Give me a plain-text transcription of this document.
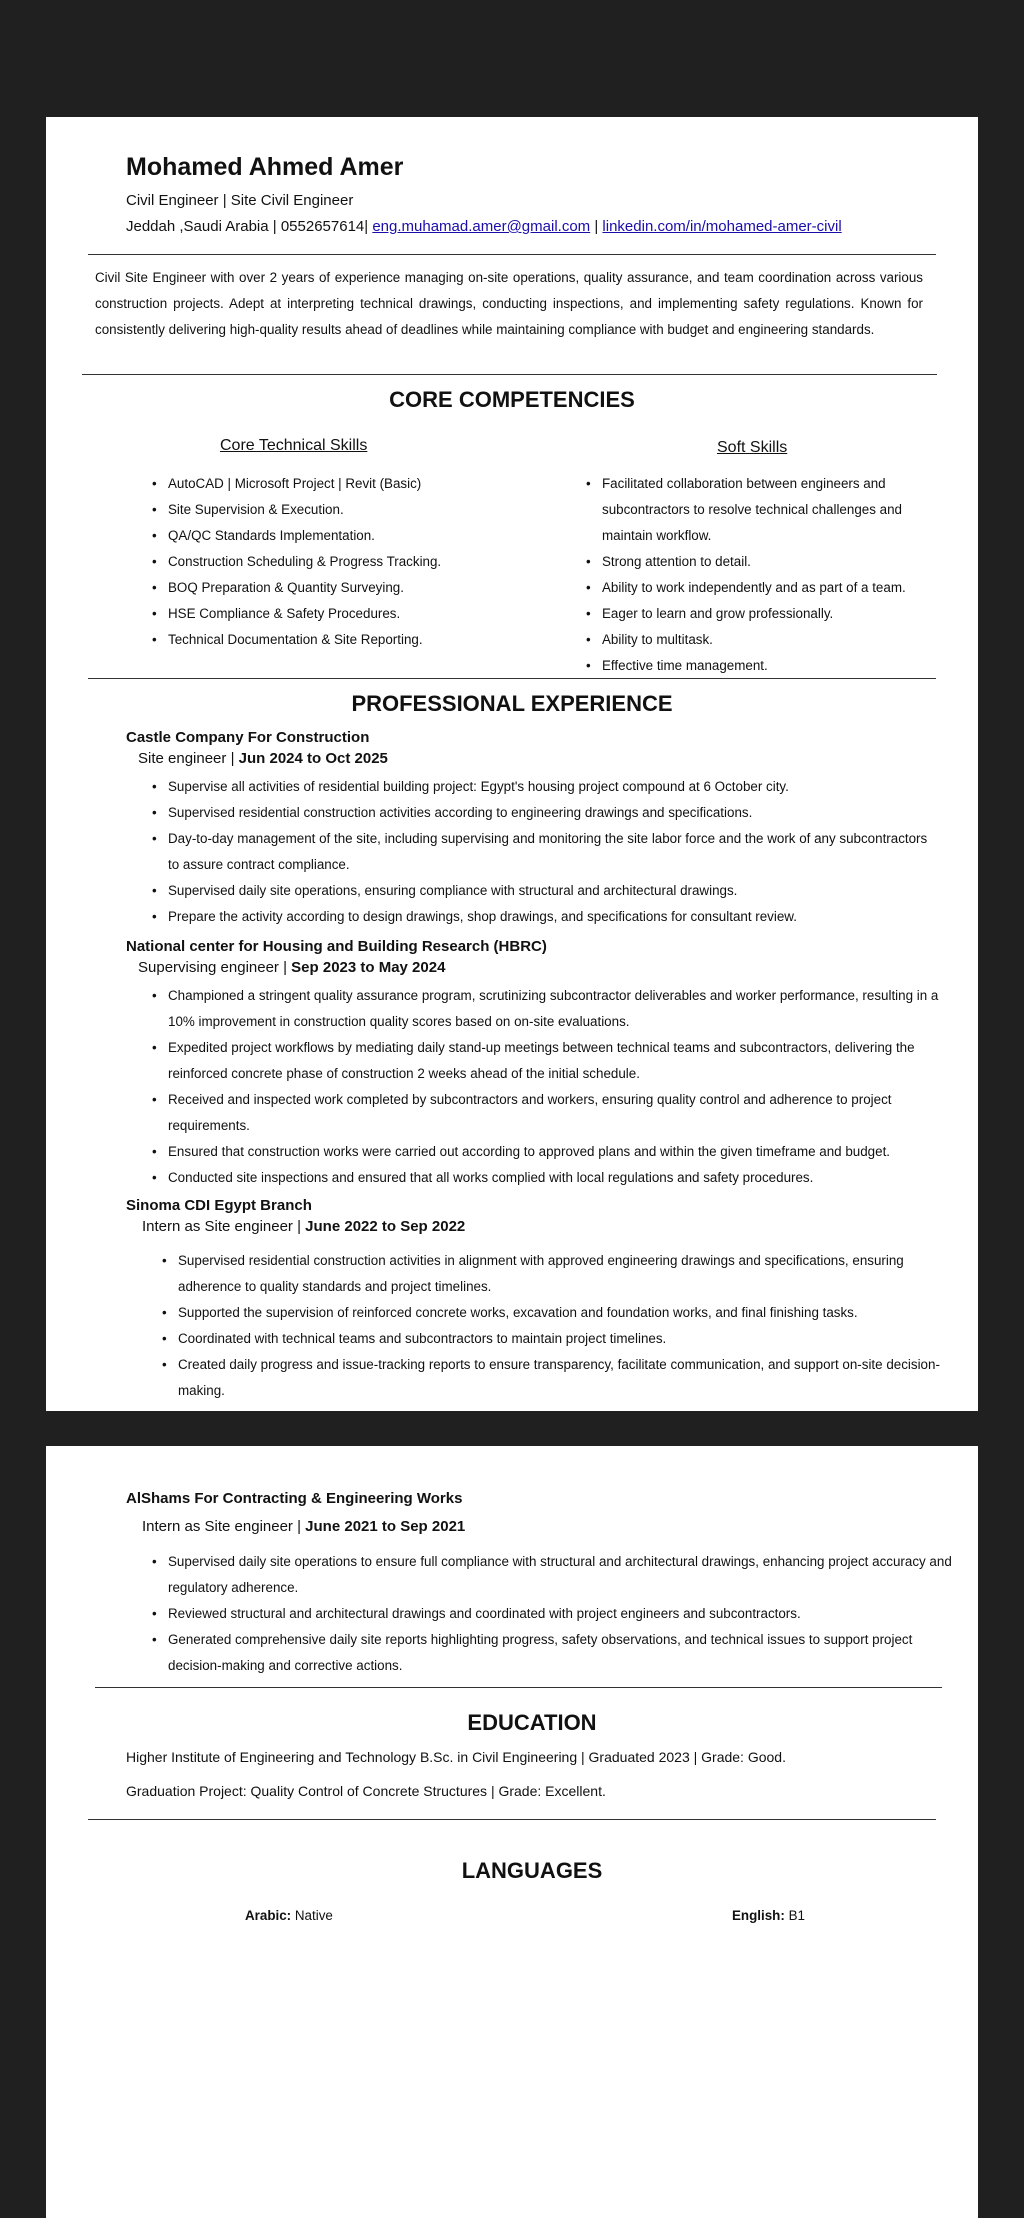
Mohamed Ahmed Amer
Civil Engineer | Site Civil Engineer
Jeddah ,Saudi Arabia | 0552657614| eng.muhamad.amer@gmail.com | linkedin.com/in/mohamed-amer-civil
Civil Site Engineer with over 2 years of experience managing on-site operations, quality assurance, and team coordination across various construction projects. Adept at interpreting technical drawings, conducting inspections, and implementing safety regulations. Known for consistently delivering high-quality results ahead of deadlines while maintaining compliance with budget and engineering standards.
CORE COMPETENCIES
Core Technical Skills
• AutoCAD | Microsoft Project | Revit (Basic)
• Site Supervision & Execution.
• QA/QC Standards Implementation.
• Construction Scheduling & Progress Tracking.
• BOQ Preparation & Quantity Surveying.
• HSE Compliance & Safety Procedures.
• Technical Documentation & Site Reporting.
Soft Skills
• Facilitated collaboration between engineers and subcontractors to resolve technical challenges and maintain workflow.
• Strong attention to detail.
• Ability to work independently and as part of a team.
• Eager to learn and grow professionally.
• Ability to multitask.
• Effective time management.
PROFESSIONAL EXPERIENCE
Castle Company For Construction
Site engineer | Jun 2024 to Oct 2025
• Supervise all activities of residential building project: Egypt's housing project compound at 6 October city.
• Supervised residential construction activities according to engineering drawings and specifications.
• Day-to-day management of the site, including supervising and monitoring the site labor force and the work of any subcontractors to assure contract compliance.
• Supervised daily site operations, ensuring compliance with structural and architectural drawings.
• Prepare the activity according to design drawings, shop drawings, and specifications for consultant review.
National center for Housing and Building Research (HBRC)
Supervising engineer | Sep 2023 to May 2024
• Championed a stringent quality assurance program, scrutinizing subcontractor deliverables and worker performance, resulting in a 10% improvement in construction quality scores based on on-site evaluations.
• Expedited project workflows by mediating daily stand-up meetings between technical teams and subcontractors, delivering the reinforced concrete phase of construction 2 weeks ahead of the initial schedule.
• Received and inspected work completed by subcontractors and workers, ensuring quality control and adherence to project requirements.
• Ensured that construction works were carried out according to approved plans and within the given timeframe and budget.
• Conducted site inspections and ensured that all works complied with local regulations and safety procedures.
Sinoma CDI Egypt Branch
Intern as Site engineer | June 2022 to Sep 2022
• Supervised residential construction activities in alignment with approved engineering drawings and specifications, ensuring adherence to quality standards and project timelines.
• Supported the supervision of reinforced concrete works, excavation and foundation works, and final finishing tasks.
• Coordinated with technical teams and subcontractors to maintain project timelines.
• Created daily progress and issue-tracking reports to ensure transparency, facilitate communication, and support on-site decision-making.
AlShams For Contracting & Engineering Works
Intern as Site engineer | June 2021 to Sep 2021
• Supervised daily site operations to ensure full compliance with structural and architectural drawings, enhancing project accuracy and regulatory adherence.
• Reviewed structural and architectural drawings and coordinated with project engineers and subcontractors.
• Generated comprehensive daily site reports highlighting progress, safety observations, and technical issues to support project decision-making and corrective actions.
EDUCATION
Higher Institute of Engineering and Technology B.Sc. in Civil Engineering | Graduated 2023 | Grade: Good.
Graduation Project: Quality Control of Concrete Structures | Grade: Excellent.
LANGUAGES
Arabic: Native	English: B1
